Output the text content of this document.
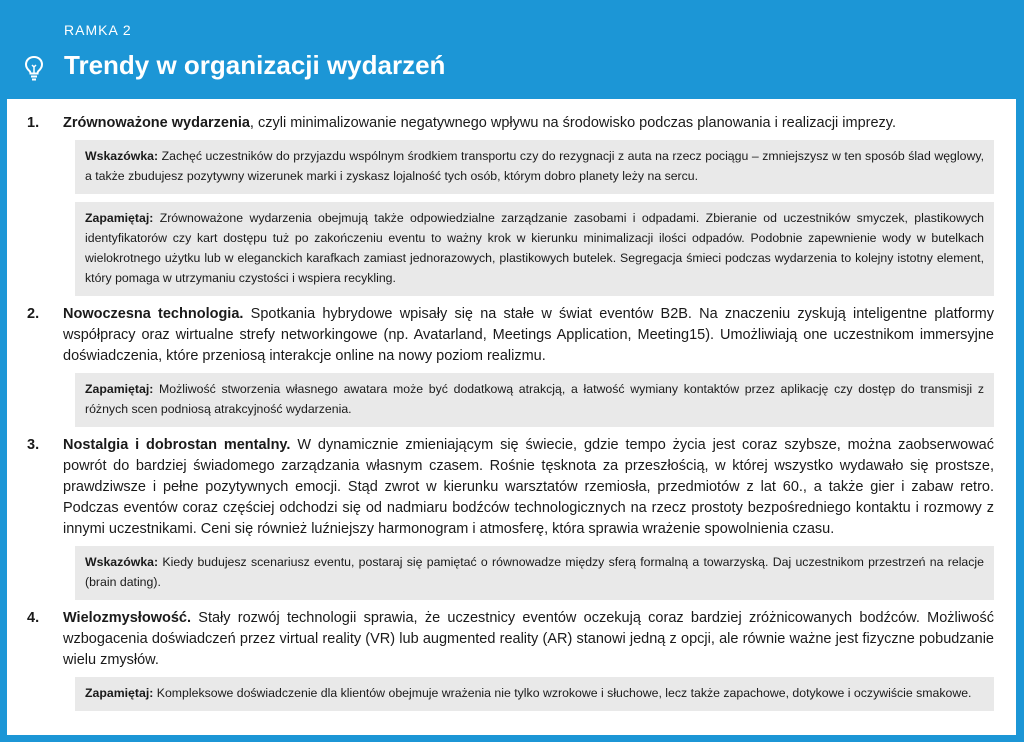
RAMKA 2
Trendy w organizacji wydarzeń
1.	Zrównoważone wydarzenia, czyli minimalizowanie negatywnego wpływu na środowisko podczas planowania i realizacji imprezy.
Wskazówka: Zachęć uczestników do przyjazdu wspólnym środkiem transportu czy do rezygnacji z auta na rzecz pociągu – zmniejszysz w ten sposób ślad węglowy, a także zbudujesz pozytywny wizerunek marki i zyskasz lojalność tych osób, którym dobro planety leży na sercu.
Zapamiętaj: Zrównoważone wydarzenia obejmują także odpowiedzialne zarządzanie zasobami i odpadami. Zbieranie od uczestników smyczek, plastikowych identyfikatorów czy kart dostępu tuż po zakończeniu eventu to ważny krok w kierunku minimalizacji ilości odpadów. Podobnie zapewnienie wody w butelkach wielokrotnego użytku lub w eleganckich karafkach zamiast jednorazowych, plastikowych butelek. Segregacja śmieci podczas wydarzenia to kolejny istotny element, który pomaga w utrzymaniu czystości i wspiera recykling.
2.	Nowoczesna technologia. Spotkania hybrydowe wpisały się na stałe w świat eventów B2B. Na znaczeniu zyskują inteligentne platformy współpracy oraz wirtualne strefy networkingowe (np. Avatarland, Meetings Application, Meeting15). Umożliwiają one uczestnikom immersyjne doświadczenia, które przeniosą interakcje online na nowy poziom realizmu.
Zapamiętaj: Możliwość stworzenia własnego awatara może być dodatkową atrakcją, a łatwość wymiany kontaktów przez aplikację czy dostęp do transmisji z różnych scen podniosą atrakcyjność wydarzenia.
3.	Nostalgia i dobrostan mentalny. W dynamicznie zmieniającym się świecie, gdzie tempo życia jest coraz szybsze, można zaobserwować powrót do bardziej świadomego zarządzania własnym czasem. Rośnie tęsknota za przeszłością, w której wszystko wydawało się prostsze, prawdziwsze i pełne pozytywnych emocji. Stąd zwrot w kierunku warsztatów rzemiosła, przedmiotów z lat 60., a także gier i zabaw retro. Podczas eventów coraz częściej odchodzi się od nadmiaru bodźców technologicznych na rzecz prostoty bezpośredniego kontaktu i rozmowy z innymi uczestnikami. Ceni się również luźniejszy harmonogram i atmosferę, która sprawia wrażenie spowolnienia czasu.
Wskazówka: Kiedy budujesz scenariusz eventu, postaraj się pamiętać o równowadze między sferą formalną a towarzyską. Daj uczestnikom przestrzeń na relacje (brain dating).
4.	Wielozmysłowość. Stały rozwój technologii sprawia, że uczestnicy eventów oczekują coraz bardziej zróżnicowanych bodźców. Możliwość wzbogacenia doświadczeń przez virtual reality (VR) lub augmented reality (AR) stanowi jedną z opcji, ale równie ważne jest fizyczne pobudzanie wielu zmysłów.
Zapamiętaj: Kompleksowe doświadczenie dla klientów obejmuje wrażenia nie tylko wzrokowe i słuchowe, lecz także zapachowe, dotykowe i oczywiście smakowe.
